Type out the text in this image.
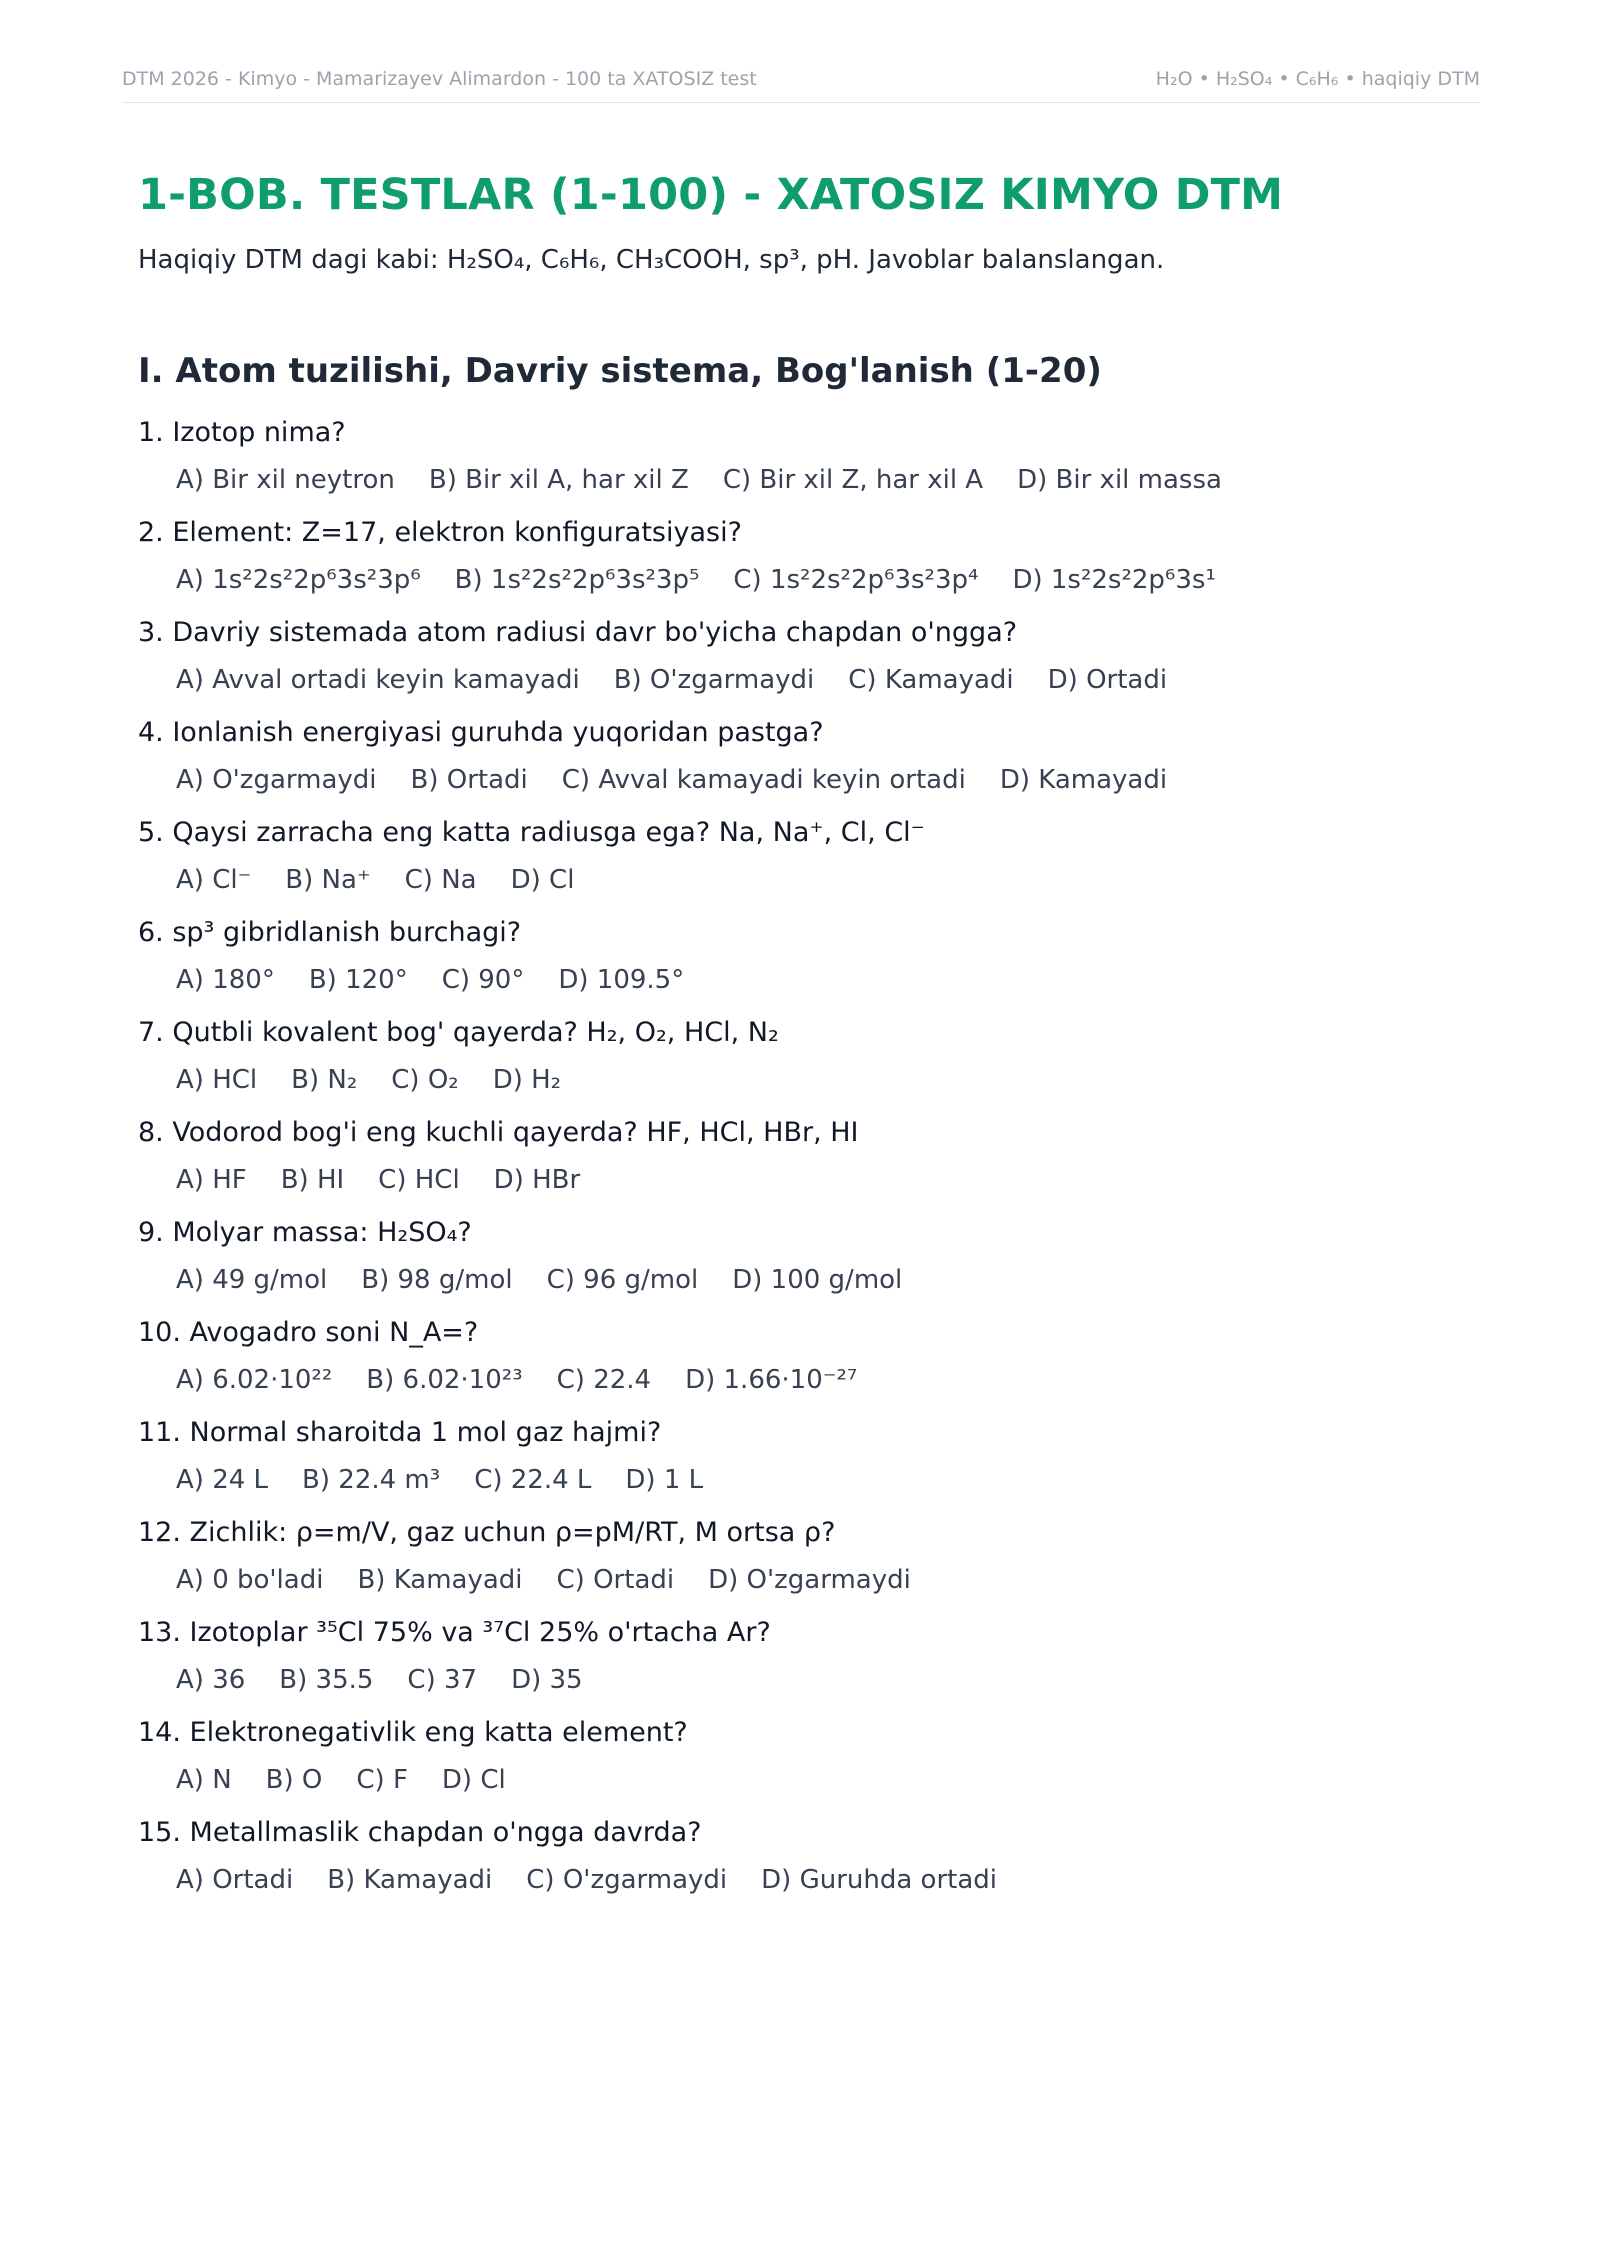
DTM 2026 - Kimyo - Mamarizayev Alimardon - 100 ta XATOSIZ test	H₂O • H₂SO₄ • C₆H₆ • haqiqiy DTM
1-BOB. TESTLAR (1-100) - XATOSIZ KIMYO DTM
Haqiqiy DTM dagi kabi: H₂SO₄, C₆H₆, CH₃COOH, sp³, pH. Javoblar balanslangan.
I. Atom tuzilishi, Davriy sistema, Bog'lanish (1-20)
1. Izotop nima?
A) Bir xil neytron B) Bir xil A, har xil Z C) Bir xil Z, har xil A D) Bir xil massa
2. Element: Z=17, elektron konfiguratsiyasi?
A) 1s²2s²2p⁶3s²3p⁶ B) 1s²2s²2p⁶3s²3p⁵ C) 1s²2s²2p⁶3s²3p⁴ D) 1s²2s²2p⁶3s¹
3. Davriy sistemada atom radiusi davr bo'yicha chapdan o'ngga?
A) Avval ortadi keyin kamayadi B) O'zgarmaydi C) Kamayadi D) Ortadi
4. Ionlanish energiyasi guruhda yuqoridan pastga?
A) O'zgarmaydi B) Ortadi C) Avval kamayadi keyin ortadi D) Kamayadi
5. Qaysi zarracha eng katta radiusga ega? Na, Na⁺, Cl, Cl⁻
A) Cl⁻ B) Na⁺ C) Na D) Cl
6. sp³ gibridlanish burchagi?
A) 180° B) 120° C) 90° D) 109.5°
7. Qutbli kovalent bog' qayerda? H₂, O₂, HCl, N₂
A) HCl B) N₂ C) O₂ D) H₂
8. Vodorod bog'i eng kuchli qayerda? HF, HCl, HBr, HI
A) HF B) HI C) HCl D) HBr
9. Molyar massa: H₂SO₄?
A) 49 g/mol B) 98 g/mol C) 96 g/mol D) 100 g/mol
10. Avogadro soni N_A=?
A) 6.02·10²² B) 6.02·10²³ C) 22.4 D) 1.66·10⁻²⁷
11. Normal sharoitda 1 mol gaz hajmi?
A) 24 L B) 22.4 m³ C) 22.4 L D) 1 L
12. Zichlik: ρ=m/V, gaz uchun ρ=pM/RT, M ortsa ρ?
A) 0 bo'ladi B) Kamayadi C) Ortadi D) O'zgarmaydi
13. Izotoplar ³⁵Cl 75% va ³⁷Cl 25% o'rtacha Ar?
A) 36 B) 35.5 C) 37 D) 35
14. Elektronegativlik eng katta element?
A) N B) O C) F D) Cl
15. Metallmaslik chapdan o'ngga davrda?
A) Ortadi B) Kamayadi C) O'zgarmaydi D) Guruhda ortadi
